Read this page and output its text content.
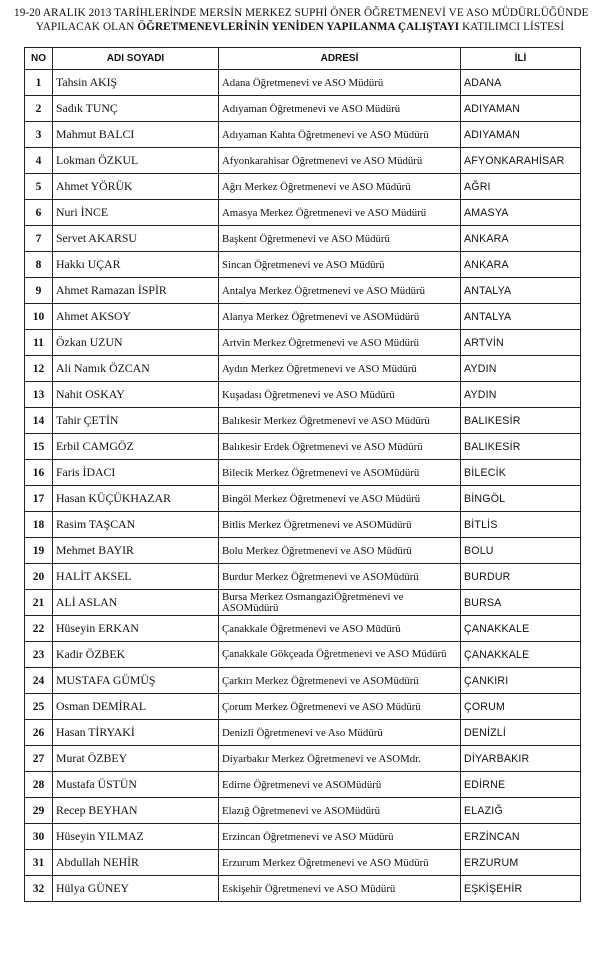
19-20 ARALIK 2013 TARİHLERİNDE MERSİN MERKEZ SUPHİ ÖNER ÖĞRETMENEVİ VE ASO MÜDÜRLÜĞÜNDE
YAPILACAK OLAN ÖĞRETMENEVLERİNİN YENİDEN YAPILANMA ÇALIŞTAYI KATILIMCI LİSTESİ
NO	ADI SOYADI	ADRESİ	İLİ
1	Tahsin AKIŞ	Adana Öğretmenevi ve ASO Müdürü	ADANA
2	Sadık TUNÇ	Adıyaman Öğretmenevi ve ASO Müdürü	ADIYAMAN
3	Mahmut BALCI	Adıyaman Kahta Öğretmenevi ve ASO Müdürü	ADIYAMAN
4	Lokman ÖZKUL	Afyonkarahisar Öğretmenevi ve ASO Müdürü	AFYONKARAHİSAR
5	Ahmet YÖRÜK	Ağrı Merkez Öğretmenevi ve ASO Müdürü	AĞRI
6	Nuri İNCE	Amasya Merkez Öğretmenevi ve ASO Müdürü	AMASYA
7	Servet AKARSU	Başkent Öğretmenevi ve ASO Müdürü	ANKARA
8	Hakkı UÇAR	Sincan Öğretmenevi ve ASO Müdürü	ANKARA
9	Ahmet Ramazan İSPİR	Antalya Merkez Öğretmenevi ve ASO Müdürü	ANTALYA
10	Ahmet AKSOY	Alanya Merkez Öğretmenevi ve ASOMüdürü	ANTALYA
11	Özkan UZUN	Artvin Merkez Öğretmenevi ve ASO Müdürü	ARTVİN
12	Ali Namık ÖZCAN	Aydın Merkez Öğretmenevi ve ASO Müdürü	AYDIN
13	Nahit OSKAY	Kuşadası Öğretmenevi ve ASO Müdürü	AYDIN
14	Tahir ÇETİN	Balıkesir Merkez Öğretmenevi ve ASO Müdürü	BALIKESİR
15	Erbil CAMGÖZ	Balıkesir Erdek Öğretmenevi ve ASO Müdürü	BALIKESİR
16	Faris İDACI	Bilecik Merkez Öğretmenevi ve ASOMüdürü	BİLECİK
17	Hasan KÜÇÜKHAZAR	Bingöl Merkez Öğretmenevi ve ASO Müdürü	BİNGÖL
18	Rasim TAŞCAN	Bitlis Merkez Öğretmenevi ve ASOMüdürü	BİTLİS
19	Mehmet BAYIR	Bolu Merkez Öğretmenevi ve ASO Müdürü	BOLU
20	HALİT AKSEL	Burdur Merkez Öğretmenevi ve ASOMüdürü	BURDUR
21	ALİ ASLAN	Bursa Merkez OsmangaziÖğretmenevi ve ASOMüdürü	BURSA
22	Hüseyin ERKAN	Çanakkale Öğretmenevi ve ASO Müdürü	ÇANAKKALE
23	Kadir ÖZBEK	Çanakkale Gökçeada Öğretmenevi ve ASO Müdürü	ÇANAKKALE
24	MUSTAFA GÜMÜŞ	Çarkırı Merkez Öğretmenevi ve ASOMüdürü	ÇANKIRI
25	Osman DEMİRAL	Çorum Merkez Öğretmenevi ve ASO Müdürü	ÇORUM
26	Hasan TİRYAKİ	Denizli Öğretmenevi ve Aso Müdürü	DENİZLİ
27	Murat ÖZBEY	Diyarbakır Merkez Öğretmenevi ve ASOMdr.	DİYARBAKIR
28	Mustafa ÜSTÜN	Edirne Öğretmenevi ve ASOMüdürü	EDİRNE
29	Recep BEYHAN	Elazığ Öğretmenevi ve ASOMüdürü	ELAZIĞ
30	Hüseyin YILMAZ	Erzincan Öğretmenevi ve ASO Müdürü	ERZİNCAN
31	Abdullah NEHİR	Erzurum Merkez Öğretmenevi ve ASO Müdürü	ERZURUM
32	Hülya GÜNEY	Eskişehir Öğretmenevi ve ASO Müdürü	EŞKİŞEHİR
